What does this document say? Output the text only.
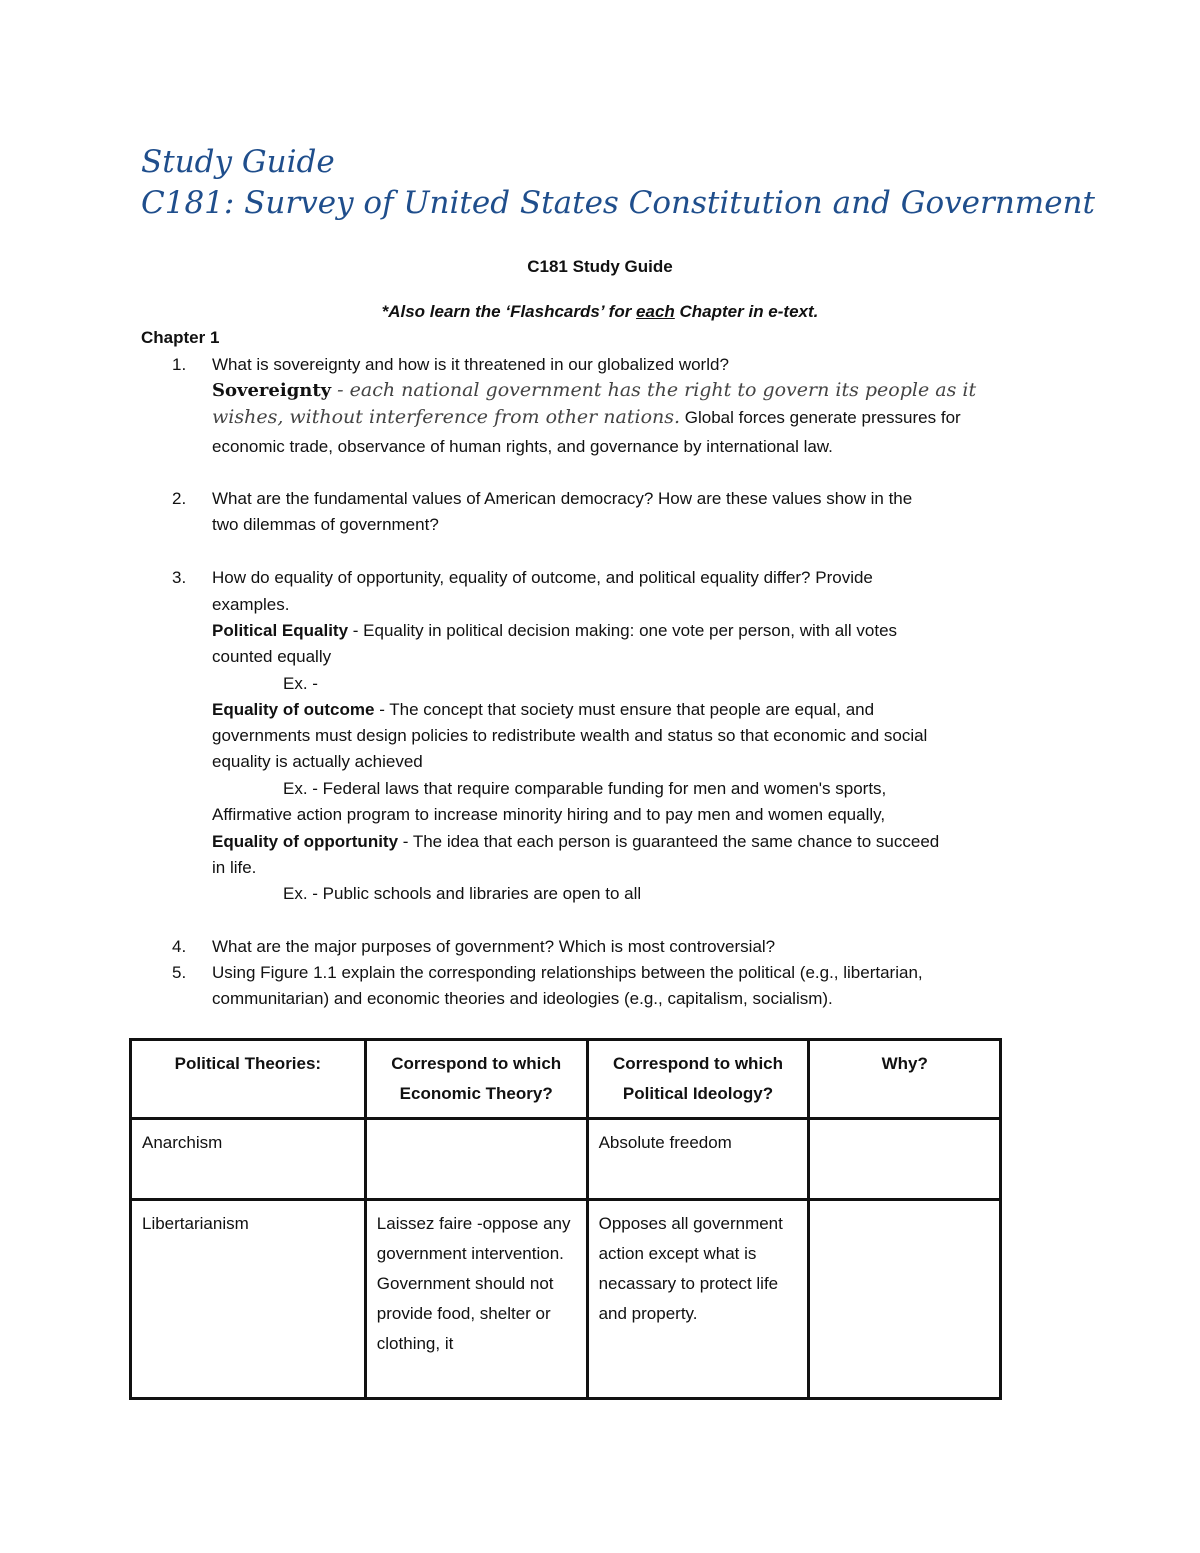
Study Guide
C181: Survey of United States Constitution and Government
C181 Study Guide
*Also learn the ‘Flashcards’ for each Chapter in e-text.
Chapter 1
1. What is sovereignty and how is it threatened in our globalized world?
Sovereignty - each national government has the right to govern its people as it
wishes, without interference from other nations. Global forces generate pressures for
economic trade, observance of human rights, and governance by international law.
2. What are the fundamental values of American democracy? How are these values show in the
two dilemmas of government?
3. How do equality of opportunity, equality of outcome, and political equality differ? Provide
examples.
Political Equality - Equality in political decision making: one vote per person, with all votes
counted equally
Ex. -
Equality of outcome - The concept that society must ensure that people are equal, and
governments must design policies to redistribute wealth and status so that economic and social
equality is actually achieved
Ex. - Federal laws that require comparable funding for men and women's sports,
Affirmative action program to increase minority hiring and to pay men and women equally,
Equality of opportunity - The idea that each person is guaranteed the same chance to succeed
in life.
Ex. - Public schools and libraries are open to all
4. What are the major purposes of government? Which is most controversial?
5. Using Figure 1.1 explain the corresponding relationships between the political (e.g., libertarian,
communitarian) and economic theories and ideologies (e.g., capitalism, socialism).
Political Theories:	Correspond to which Economic Theory?	Correspond to which Political Ideology?	Why?
Anarchism		Absolute freedom	
Libertarianism	Laissez faire -oppose any government intervention. Government should not provide food, shelter or clothing, it	Opposes all government action except what is necassary to protect life and property.	
